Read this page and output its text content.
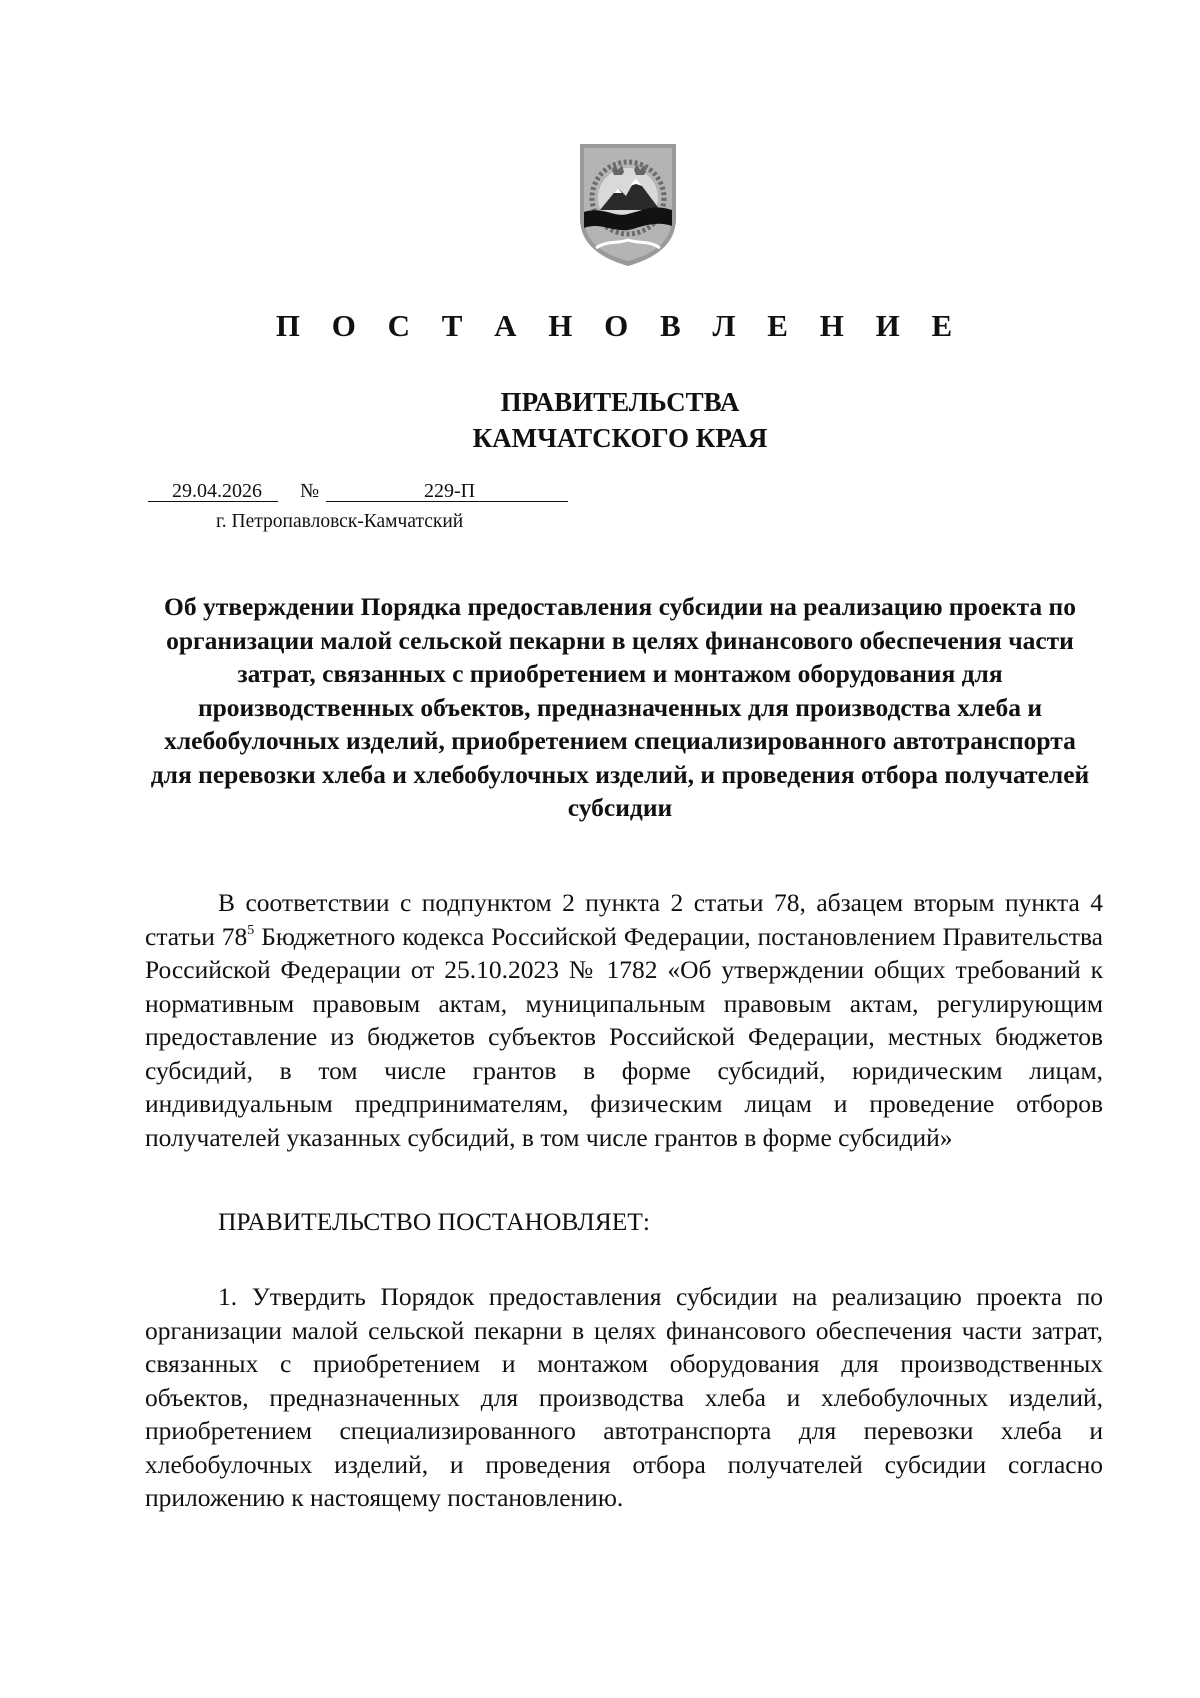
П О С Т А Н О В Л Е Н И Е
ПРАВИТЕЛЬСТВА
КАМЧАТСКОГО КРАЯ
29.04.2026 №	229-П
г. Петропавловск-Камчатский
Об утверждении Порядка предоставления субсидии на реализацию проекта по организации малой сельской пекарни в целях финансового обеспечения части затрат, связанных с приобретением и монтажом оборудования для производственных объектов, предназначенных для производства хлеба и хлебобулочных изделий, приобретением специализированного автотранспорта для перевозки хлеба и хлебобулочных изделий, и проведения отбора получателей субсидии

В соответствии с подпунктом 2 пункта 2 статьи 78, абзацем вторым пункта 4 статьи $78^5$ Бюджетного кодекса Российской Федерации, постановлением Правительства Российской Федерации от 25.10.2023 № 1782 «Об утверждении общих требований к нормативным правовым актам, муниципальным правовым актам, регулирующим предоставление из бюджетов субъектов Российской Федерации, местных бюджетов субсидий, в том числе грантов в форме субсидий, юридическим лицам, индивидуальным предпринимателям, физическим лицам и проведение отборов получателей указанных субсидий, в том числе грантов в форме субсидий»

ПРАВИТЕЛЬСТВО ПОСТАНОВЛЯЕТ:

1. Утвердить Порядок предоставления субсидии на реализацию проекта по организации малой сельской пекарни в целях финансового обеспечения части затрат, связанных с приобретением и монтажом оборудования для производственных объектов, предназначенных для производства хлеба и хлебобулочных изделий, приобретением специализированного автотранспорта для перевозки хлеба и хлебобулочных изделий, и проведения отбора получателей субсидии согласно приложению к настоящему постановлению.
